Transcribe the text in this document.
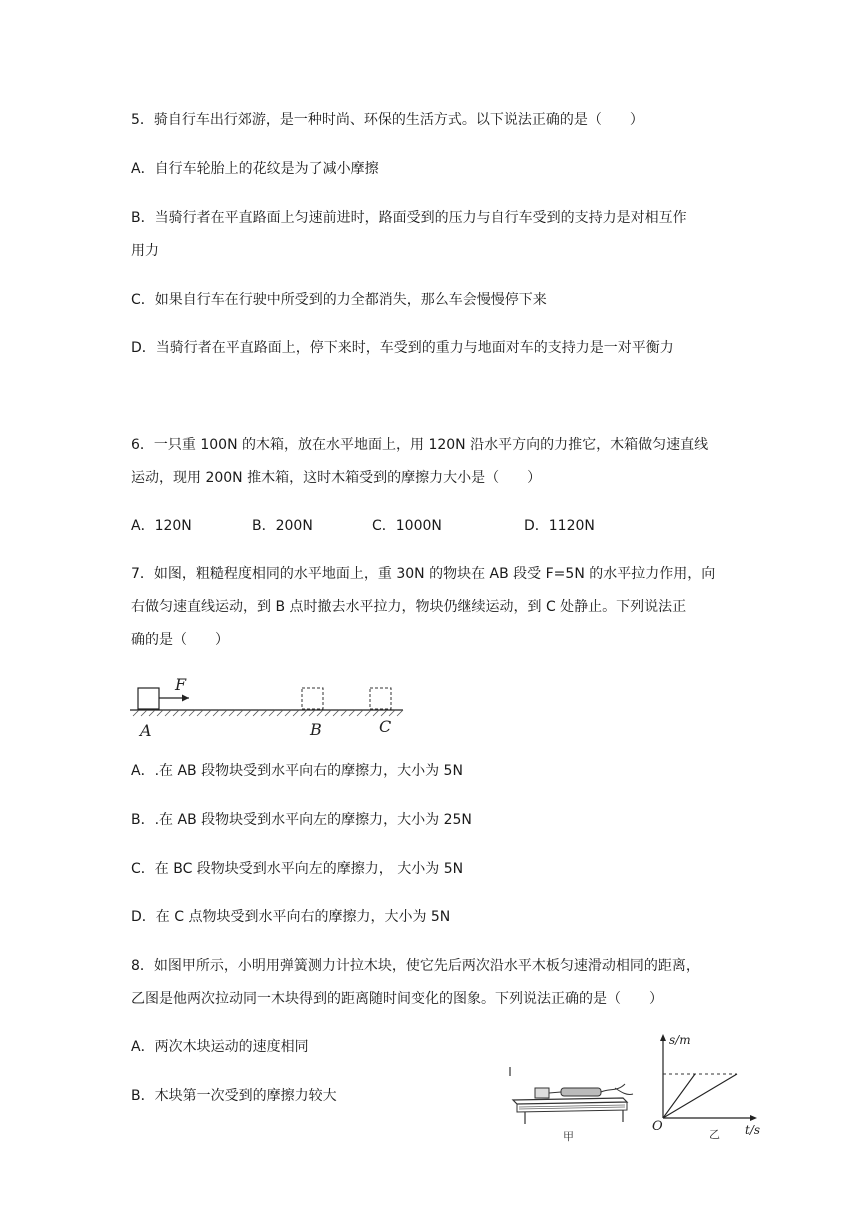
5．骑自行车出行郊游，是一种时尚、环保的生活方式。以下说法正确的是（　　）
A．自行车轮胎上的花纹是为了减小摩擦
B．当骑行者在平直路面上匀速前进时，路面受到的压力与自行车受到的支持力是对相互作
用力
C．如果自行车在行驶中所受到的力全都消失，那么车会慢慢停下来
D．当骑行者在平直路面上，停下来时，车受到的重力与地面对车的支持力是一对平衡力
6．一只重 100N 的木箱，放在水平地面上，用 120N 沿水平方向的力推它，木箱做匀速直线
运动，现用 200N 推木箱，这时木箱受到的摩擦力大小是（　　）
A．120N	B．200N	C．1000N	D．1120N
7．如图，粗糙程度相同的水平地面上，重 30N 的物块在 AB 段受 F=5N 的水平拉力作用，向
右做匀速直线运动，到 B 点时撤去水平拉力，物块仍继续运动，到 C 处静止。下列说法正
确的是（　　）
F
A	B	C
A．.在 AB 段物块受到水平向右的摩擦力，大小为 5N
B．.在 AB 段物块受到水平向左的摩擦力，大小为 25N
C．在 BC 段物块受到水平向左的摩擦力， 大小为 5N
D．在 C 点物块受到水平向右的摩擦力，大小为 5N
8．如图甲所示，小明用弹簧测力计拉木块，使它先后两次沿水平木板匀速滑动相同的距离，
乙图是他两次拉动同一木块得到的距离随时间变化的图象。下列说法正确的是（　　）
A．两次木块运动的速度相同
B．木块第一次受到的摩擦力较大
甲
s/m
t/s
O
乙
